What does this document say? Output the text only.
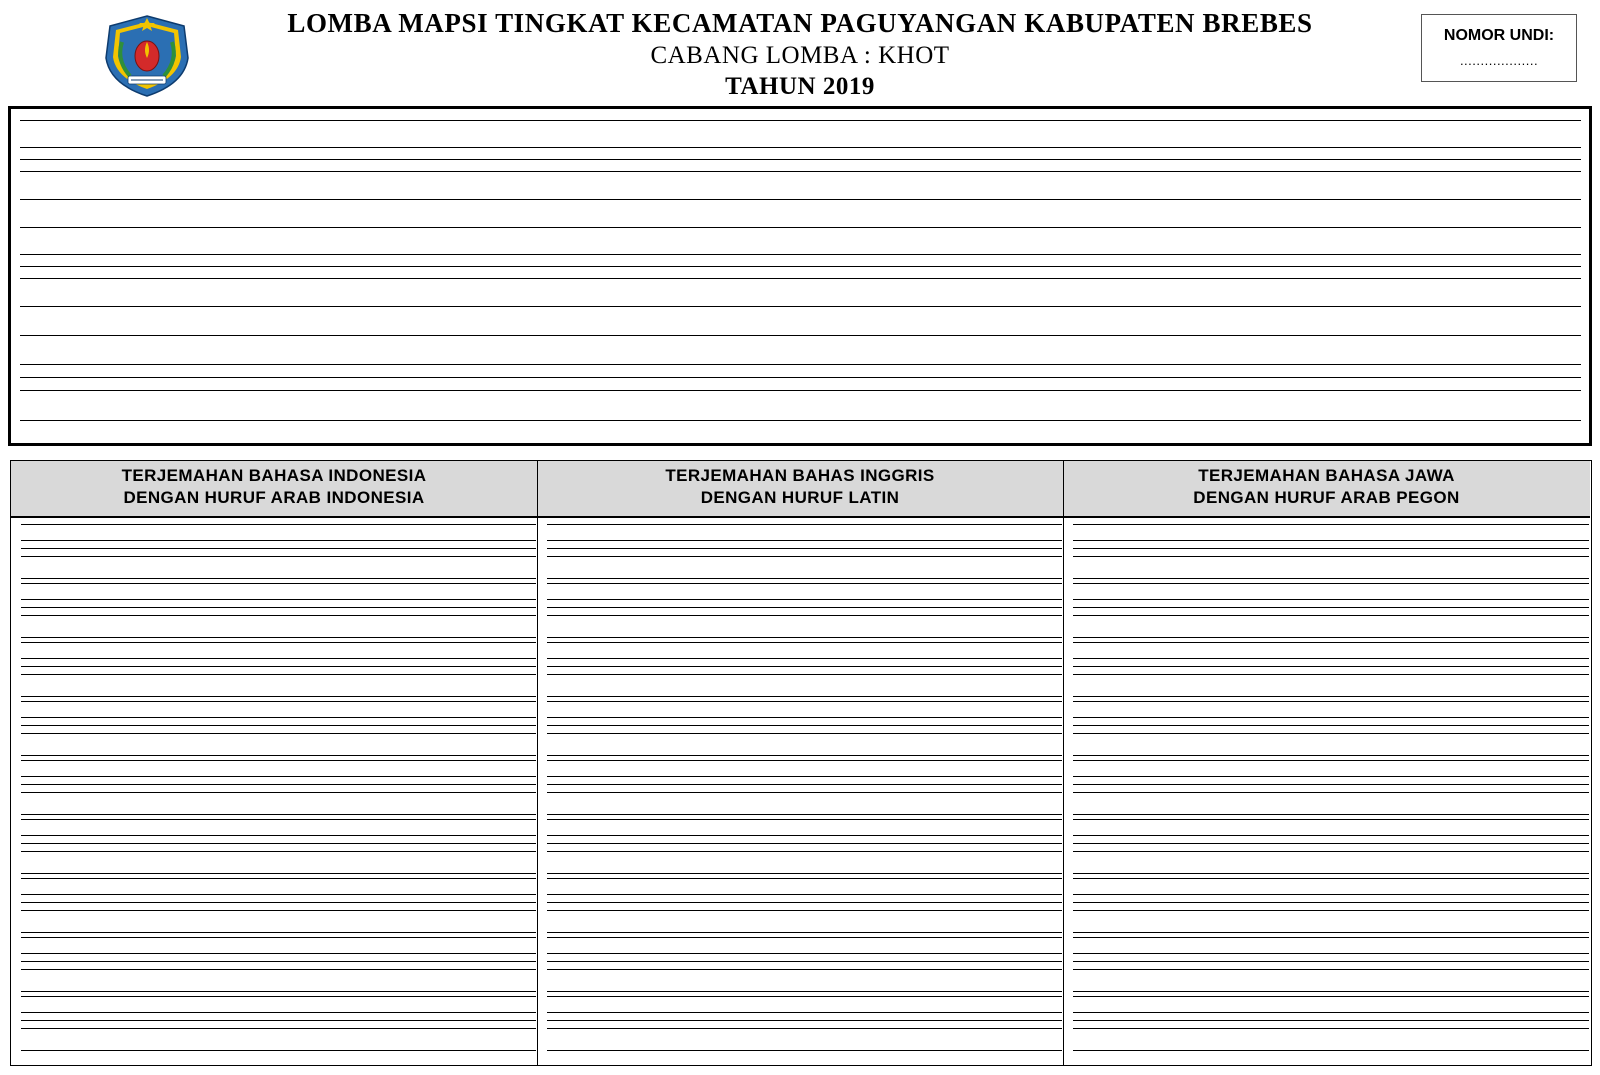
LOMBA MAPSI TINGKAT KECAMATAN PAGUYANGAN KABUPATEN BREBES
CABANG LOMBA : KHOT
TAHUN 2019
NOMOR UNDI:
...................
TERJEMAHAN BAHASA INDONESIA
DENGAN HURUF ARAB INDONESIA
TERJEMAHAN BAHAS INGGRIS
DENGAN HURUF LATIN
TERJEMAHAN BAHASA JAWA
DENGAN HURUF ARAB PEGON
